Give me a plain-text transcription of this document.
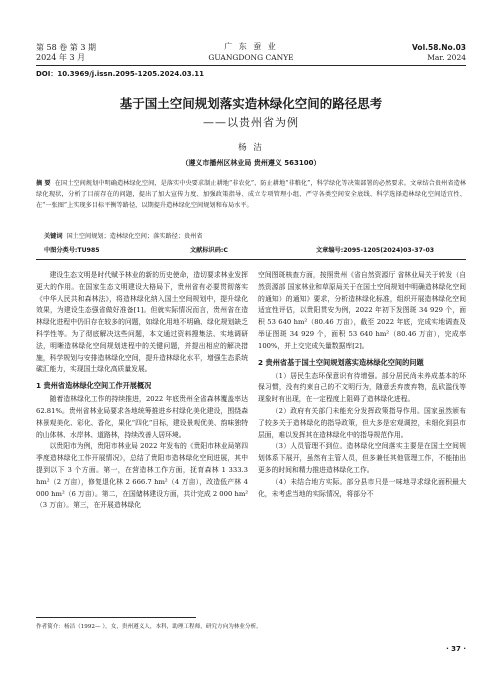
第 58 卷 第 3 期
2024 年 3 月
广 东 蚕 业
GUANGDONG CANYE
Vol.58.No.03
Mar. 2024
DOI：10.3969/j.issn.2095-1205.2024.03.11
基于国土空间规划落实造林绿化空间的路径思考
——以贵州省为例
杨 洁
（遵义市播州区林业局 贵州遵义 563100）
摘 要 在国土空间规划中明确造林绿化空间，是落实中央要求制止耕地“非农化”、防止耕地“非粮化”，科学绿化等决策部署的必然要求。文章结合贵州省造林绿化现状，分析了目前存在的问题，提出了加大宣传力度、加强政策指导、成立专项管理小组、严守各类空间安全底线、科学选择造林绿化空间适宜性、在“一张图”上实现多目标平衡等路径，以期提升造林绿化空间规划和布局水平。
关键词 国土空间规划；造林绿化空间；落实路径；贵州省
中图分类号:TU985	文献标识码:C	文章编号:2095-1205(2024)03-37-03

建设生态文明是时代赋予林业的新的历史使命，造切要求林业发挥更大的作用。在国家生态文明建设大格局下，贵州省有必要贯彻落实《中华人民共和森林法》，将造林绿化纳入国土空间规划中，提升绿化效果，为建设生态强省做好准备[1]。但就实际情况而言，贵州省在造林绿化进程中仍旧存在较多的问题，如绿化用地不明确、绿化规划缺乏科学性等。为了彻底解决这些问题，本文通过资料搜集法、实地调研法，明晰造林绿化空间规划进程中的关键问题，并提出相应的解决措施，科学规划与安排造林绿化空间，提升造林绿化水平，增强生态系统碳汇能力，实现国土绿化高质量发展。

1 贵州省造林绿化空间工作开展概况

随着造林绿化工作的持续推进，2022 年底贵州全省森林覆盖率达 62.81%。贵州省林业局要求各地统筹推进乡村绿化美化建设，围绕森林景观美化、彩化、香化，果化“四化”目标，建设景观优美、韵味独特的山体林、水岸林、道路林，持续改善人居环境。

以贵阳市为例，贵阳市林业局 2022 年发布的《贵阳市林业局第四季度造林绿化工作开展情况》，总结了贵阳市造林绿化空间进展，其中提到以下 3 个方面。第一，在营造林工作方面，抚育森林 1 333.3 hm²（2 万亩），修复退化林 2 666.7 hm²（4 万亩），改造低产林 4 000 hm²（6 万亩）。第二，在国储林建设方面，共计完成 2 000 hm²（3 万亩）。第三，在开展造林绿化

空间图斑核查方面，按照贵州《省自然资源厅 省林业局关于转发（自然资源部 国家林业和草原局关于在国土空间规划中明确造林绿化空间的通知）的通知》要求，分析造林绿化标准，组织开展造林绿化空间适宜性评估，以贵阳贯安为例，2022 年初下发图斑 34 929 个，面积 53 640 hm²（80.46 万亩），截至 2022 年底，完成实地调查及举证图斑 34 929 个，面积 53 640 hm²（80.46 万亩），完成率 100%，并上交完成矢量数据库[2]。

2 贵州省基于国土空间规划落实造林绿化空间的问题

（1）居民生态环保意识有待增强。部分居民尚未养成基本的环保习惯，没有约束自己的不文明行为，随意丢弃废弃物，乱砍滥伐等现象时有出现，在一定程度上阻碍了造林绿化进程。

（2）政府有关部门未能充分发挥政策指导作用。国家虽然颁布了较多关于造林绿化的指导政策，但大多是宏观调控，未细化到县市层面，难以发挥其在造林绿化中的指导规范作用。

（3）人员管理不到位。造林绿化空间落实主要是在国土空间规划体系下展开，虽然有主管人员，但多兼任其他管理工作，不能抽出更多的时间和精力推进造林绿化工作。

（4）未结合地方实际。部分县市只是一味地寻求绿化面积最大化，未考虑当地的实际情况，将部分不

作者简介：杨洁（1992— ），女，贵州遵义人，本科，助理工程师，研究方向为林业分析。
· 37 ·
